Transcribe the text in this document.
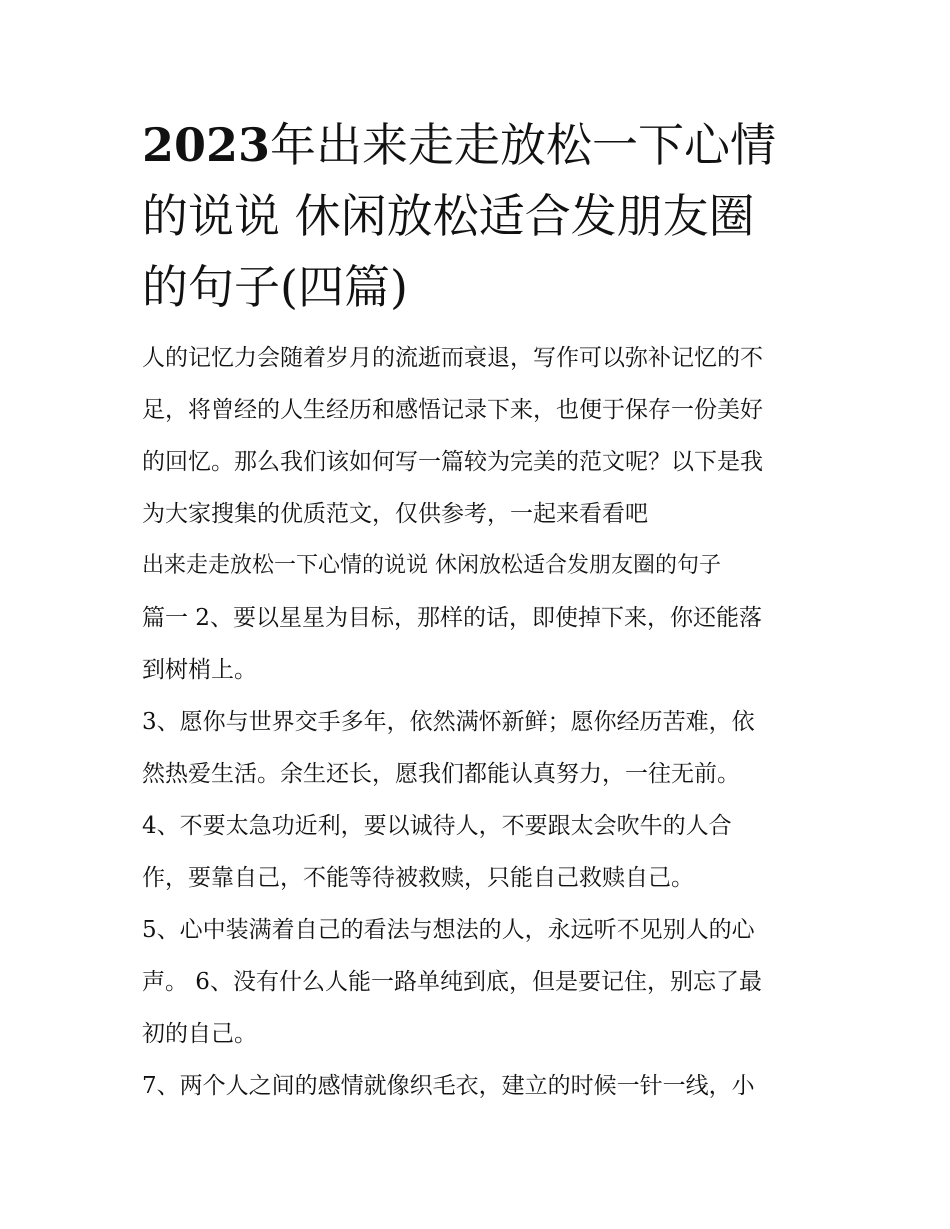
2023年出来走走放松一下心情
的说说 休闲放松适合发朋友圈
的句子(四篇)
人的记忆力会随着岁月的流逝而衰退，写作可以弥补记忆的不
足，将曾经的人生经历和感悟记录下来，也便于保存一份美好
的回忆。那么我们该如何写一篇较为完美的范文呢？以下是我
为大家搜集的优质范文，仅供参考，一起来看看吧
出来走走放松一下心情的说说 休闲放松适合发朋友圈的句子
篇一 2、要以星星为目标，那样的话，即使掉下来，你还能落
到树梢上。
3、愿你与世界交手多年，依然满怀新鲜；愿你经历苦难，依
然热爱生活。余生还长，愿我们都能认真努力，一往无前。
4、不要太急功近利，要以诚待人，不要跟太会吹牛的人合
作，要靠自己，不能等待被救赎，只能自己救赎自己。
5、心中装满着自己的看法与想法的人，永远听不见别人的心
声。 6、没有什么人能一路单纯到底，但是要记住，别忘了最
初的自己。
7、两个人之间的感情就像织毛衣，建立的时候一针一线，小
